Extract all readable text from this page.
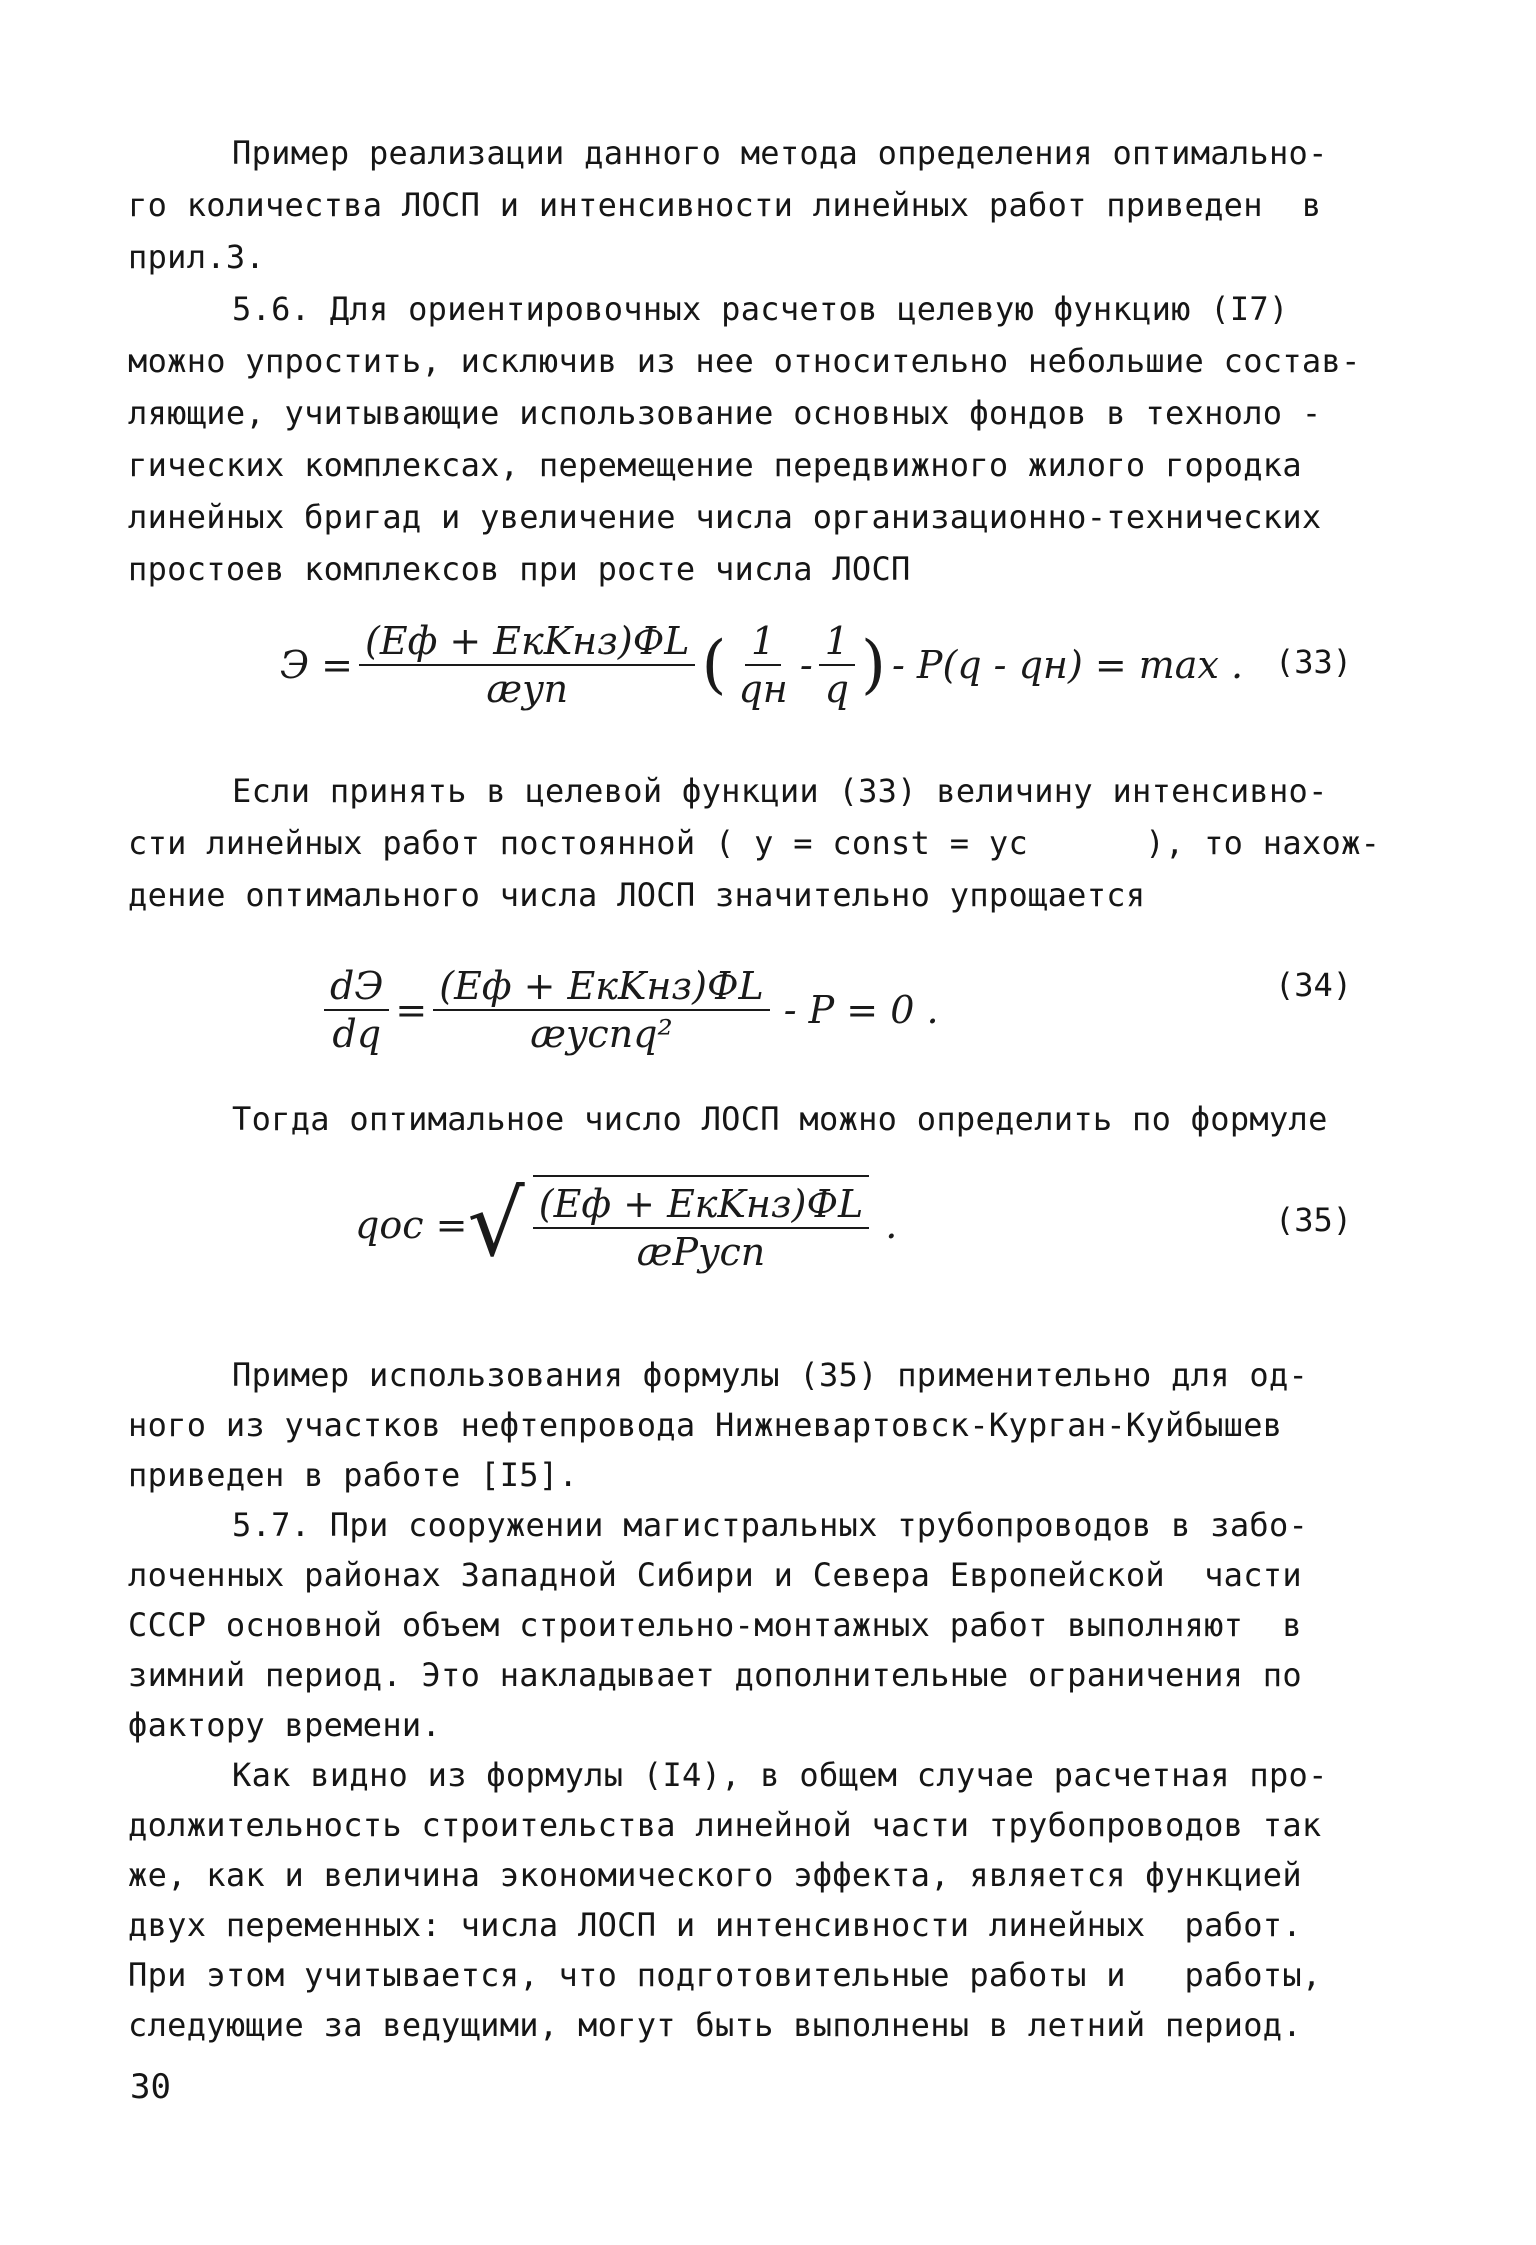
Пример реализации данного метода определения оптимально-
го количества ЛОСП и интенсивности линейных работ приведен  в
прил.3.
5.6. Для ориентировочных расчетов целевую функцию (I7)
можно упростить, исключив из нее относительно небольшие состав-
ляющие, учитывающие использование основных фондов в техноло -
гических комплексах, перемещение передвижного жилого городка
линейных бригад и увеличение числа организационно-технических
простоев комплексов при росте числа ЛОСП
$Э = \frac{\text{(Eф + EкKнз)ФL}}{\text{æyn}}$ ( $\frac{1}{qн} - \frac{1}{q}$ ) - P(q - qн) = max . (33)
Если принять в целевой функции (33) величину интенсивно-
сти линейных работ постоянной ( y = const = yc      ), то нахож-
дение оптимального числа ЛОСП значительно упрощается
$\frac{dЭ}{dq} = \frac{\text{(Eф + EкKнз)ФL}}{\text{æycnq²}} - P = 0$ .
(34)
Тогда оптимальное число ЛОСП можно определить по формуле
qoc = √ $\frac{\text{(Eф + EкKнз)ФL}}{\text{æPycn}}$ .	(35)
Пример использования формулы (35) применительно для од-
ного из участков нефтепровода Нижневартовск-Курган-Куйбышев
приведен в работе [I5].
5.7. При сооружении магистральных трубопроводов в забо-
лоченных районах Западной Сибири и Севера Европейской  части
СССР основной объем строительно-монтажных работ выполняют  в
зимний период. Это накладывает дополнительные ограничения по
фактору времени.
Как видно из формулы (I4), в общем случае расчетная про-
должительность строительства линейной части трубопроводов так
же, как и величина экономического эффекта, является функцией
двух переменных: числа ЛОСП и интенсивности линейных  работ.
При этом учитывается, что подготовительные работы и   работы,
следующие за ведущими, могут быть выполнены в летний период.
30
